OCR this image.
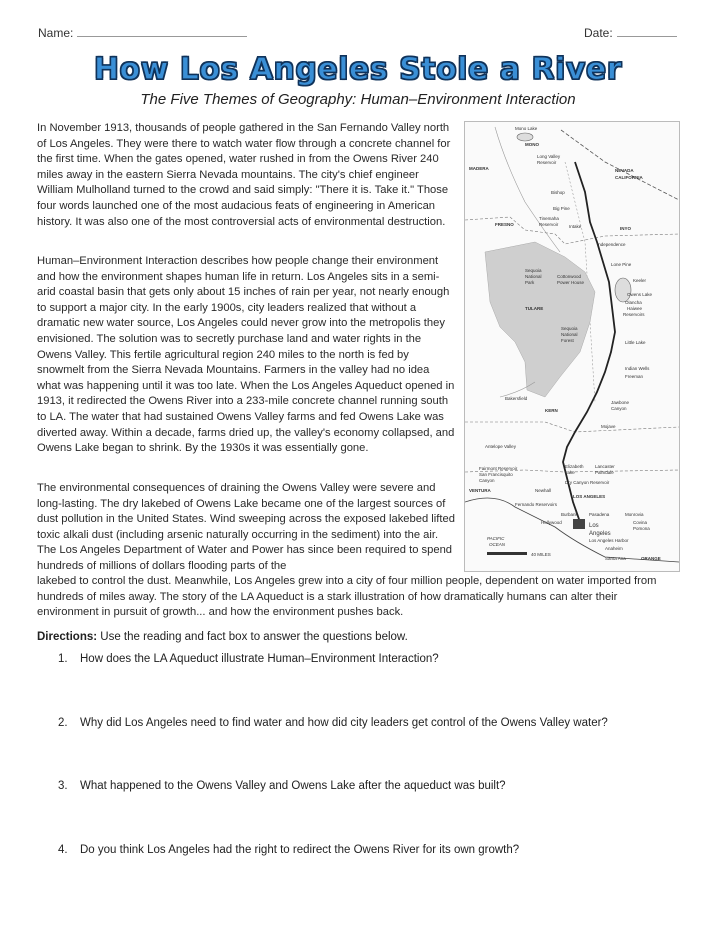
Name:	Date:
How Los Angeles Stole a River
The Five Themes of Geography: Human–Environment Interaction
In November 1913, thousands of people gathered in the San Fernando Valley north of Los Angeles. They were there to watch water flow through a concrete channel for the first time. When the gates opened, water rushed in from the Owens River 240 miles away in the eastern Sierra Nevada mountains. The city's chief engineer William Mulholland turned to the crowd and said simply: "There it is. Take it." Those four words launched one of the most audacious feats of engineering in American history. It was also one of the most controversial acts of environmental destruction.
Human–Environment Interaction describes how people change their environment and how the environment shapes human life in return. Los Angeles sits in a semi-arid coastal basin that gets only about 15 inches of rain per year, not nearly enough to support a major city. In the early 1900s, city leaders realized that without a dramatic new water source, Los Angeles could never grow into the metropolis they envisioned. The solution was to secretly purchase land and water rights in the Owens Valley. This fertile agricultural region 240 miles to the north is fed by snowmelt from the Sierra Nevada Mountains. Farmers in the valley had no idea what was happening until it was too late. When the Los Angeles Aqueduct opened in 1913, it redirected the Owens River into a 233-mile concrete channel running south to LA. The water that had sustained Owens Valley farms and fed Owens Lake was diverted away. Within a decade, farms dried up, the valley's economy collapsed, and Owens Lake began to shrink. By the 1930s it was essentially gone.
The environmental consequences of draining the Owens Valley were severe and long-lasting. The dry lakebed of Owens Lake became one of the largest sources of dust pollution in the United States. Wind sweeping across the exposed lakebed lifted toxic alkali dust (including arsenic naturally occurring in the sediment) into the air. The Los Angeles Department of Water and Power has since been required to spend hundreds of millions of dollars flooding parts of the
lakebed to control the dust. Meanwhile, Los Angeles grew into a city of four million people, dependent on water imported from hundreds of miles away. The story of the LA Aqueduct is a stark illustration of how dramatically humans can alter their environment in pursuit of growth... and how the environment pushes back.
Mono Lake
MONO
Long Valley
Reservoir
MADERA	NEVADA
CALIFORNIA
Bishop
Big Pine
Tinemaha
Reservoir Intake
FRESNO
INYO
Independence
Lone Pine
Sequoia
National
Park
Cottonwood
Power House	Keeler
Owens Lake
Olancha
Haiwee
Reservoirs
TULARE
Sequoia
National
Forest	Little Lake
Indian Wells
Freeman
Bakersfield
KERN
Jawbone
Canyon
Mojave
Antelope Valley
Fairmont Reservoir
San Francisquito
Canyon
Elizabeth
Lake
Lancaster
Palmdale
Dry Canyon Reservoir
VENTURA	Newhall
LOS ANGELES
Fernando Reservoirs
Burbank Pasadena	Monrovia
Hollywood
Los
Angeles
Covina
Pomona
Los Angeles Harbor
Anaheim
PACIFIC
OCEAN
Santa Ana	ORANGE
40 MILES
Directions: Use the reading and fact box to answer the questions below.
1. How does the LA Aqueduct illustrate Human–Environment Interaction?
2. Why did Los Angeles need to find water and how did city leaders get control of the Owens Valley water?
3. What happened to the Owens Valley and Owens Lake after the aqueduct was built?
4. Do you think Los Angeles had the right to redirect the Owens River for its own growth?
